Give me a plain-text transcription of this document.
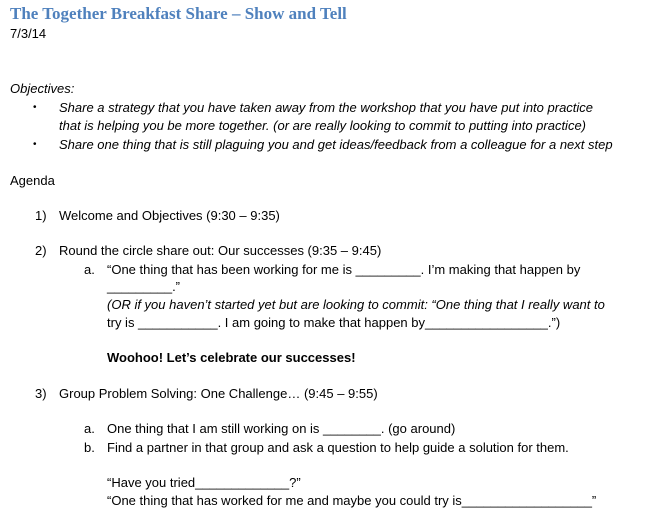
The Together Breakfast Share – Show and Tell
7/3/14
Objectives:
• Share a strategy that you have taken away from the workshop that you have put into practice
that is helping you be more together. (or are really looking to commit to putting into practice)
• Share one thing that is still plaguing you and get ideas/feedback from a colleague for a next step
Agenda
1) Welcome and Objectives (9:30 – 9:35)
2) Round the circle share out: Our successes (9:35 – 9:45)
a. “One thing that has been working for me is _________. I’m making that happen by
_________.”
(OR if you haven’t started yet but are looking to commit: “One thing that I really want to
try is ___________. I am going to make that happen by_________________.”)
Woohoo! Let’s celebrate our successes!
3) Group Problem Solving: One Challenge… (9:45 – 9:55)
a. One thing that I am still working on is ________. (go around)
b. Find a partner in that group and ask a question to help guide a solution for them.
“Have you tried_____________?”
“One thing that has worked for me and maybe you could try is__________________”
